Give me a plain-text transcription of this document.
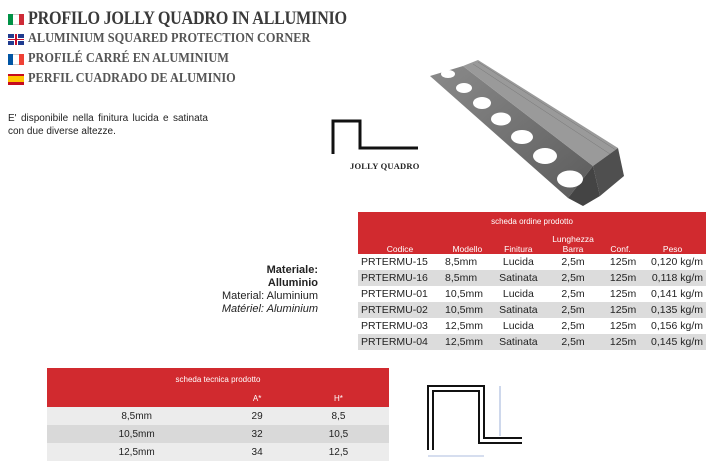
PROFILO JOLLY QUADRO IN ALLUMINIO
ALUMINIUM SQUARED PROTECTION CORNER
PROFILÉ CARRÉ EN ALUMINIUM
PERFIL CUADRADO DE ALUMINIO
E' disponibile nella finitura lucida e satinata con due diverse altezze.
JOLLY QUADRO
Materiale: Alluminio
Material: Aluminium
Matériel: Aluminium
scheda ordine prodotto					
Codice	Modello	Finitura	Lunghezza Barra	Conf.	Peso
PRTERMU-15	8,5mm	Lucida	2,5m	125m	0,120 kg/m
PRTERMU-16	8,5mm	Satinata	2,5m	125m	0,118 kg/m
PRTERMU-01	10,5mm	Lucida	2,5m	125m	0,141 kg/m
PRTERMU-02	10,5mm	Satinata	2,5m	125m	0,135 kg/m
PRTERMU-03	12,5mm	Lucida	2,5m	125m	0,156 kg/m
PRTERMU-04	12,5mm	Satinata	2,5m	125m	0,145 kg/m
scheda tecnica prodotto		
	A*	H*
8,5mm	29	8,5
10,5mm	32	10,5
12,5mm	34	12,5
